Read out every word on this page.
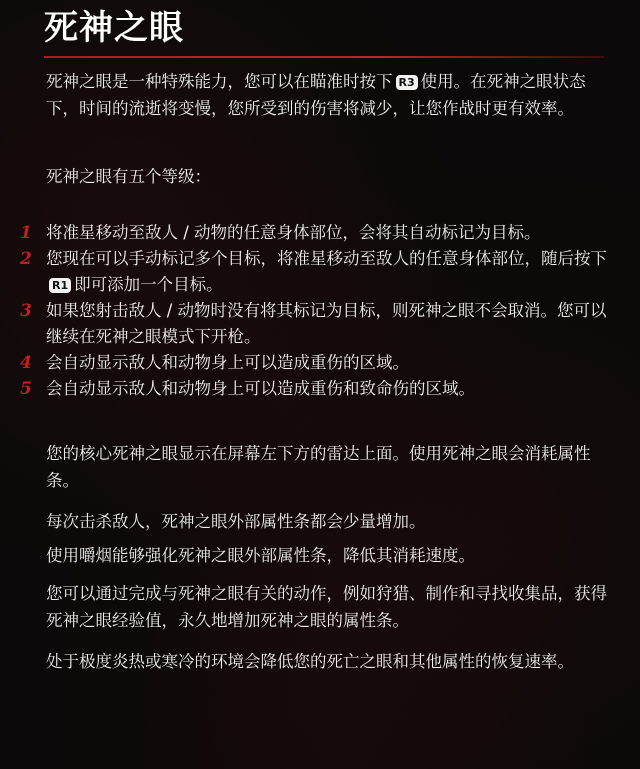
死神之眼
死神之眼是一种特殊能力，您可以在瞄准时按下 R3 使用。在死神之眼状态下，时间的流逝将变慢，您所受到的伤害将减少，让您作战时更有效率。
死神之眼有五个等级：
1 将准星移动至敌人 / 动物的任意身体部位，会将其自动标记为目标。
2 您现在可以手动标记多个目标，将准星移动至敌人的任意身体部位，随后按下R1 即可添加一个目标。
3 如果您射击敌人 / 动物时没有将其标记为目标，则死神之眼不会取消。您可以继续在死神之眼模式下开枪。
4 会自动显示敌人和动物身上可以造成重伤的区域。
5 会自动显示敌人和动物身上可以造成重伤和致命伤的区域。
您的核心死神之眼显示在屏幕左下方的雷达上面。使用死神之眼会消耗属性条。
每次击杀敌人，死神之眼外部属性条都会少量增加。
使用嚼烟能够强化死神之眼外部属性条，降低其消耗速度。
您可以通过完成与死神之眼有关的动作，例如狩猎、制作和寻找收集品，获得死神之眼经验值，永久地增加死神之眼的属性条。
处于极度炎热或寒冷的环境会降低您的死亡之眼和其他属性的恢复速率。
